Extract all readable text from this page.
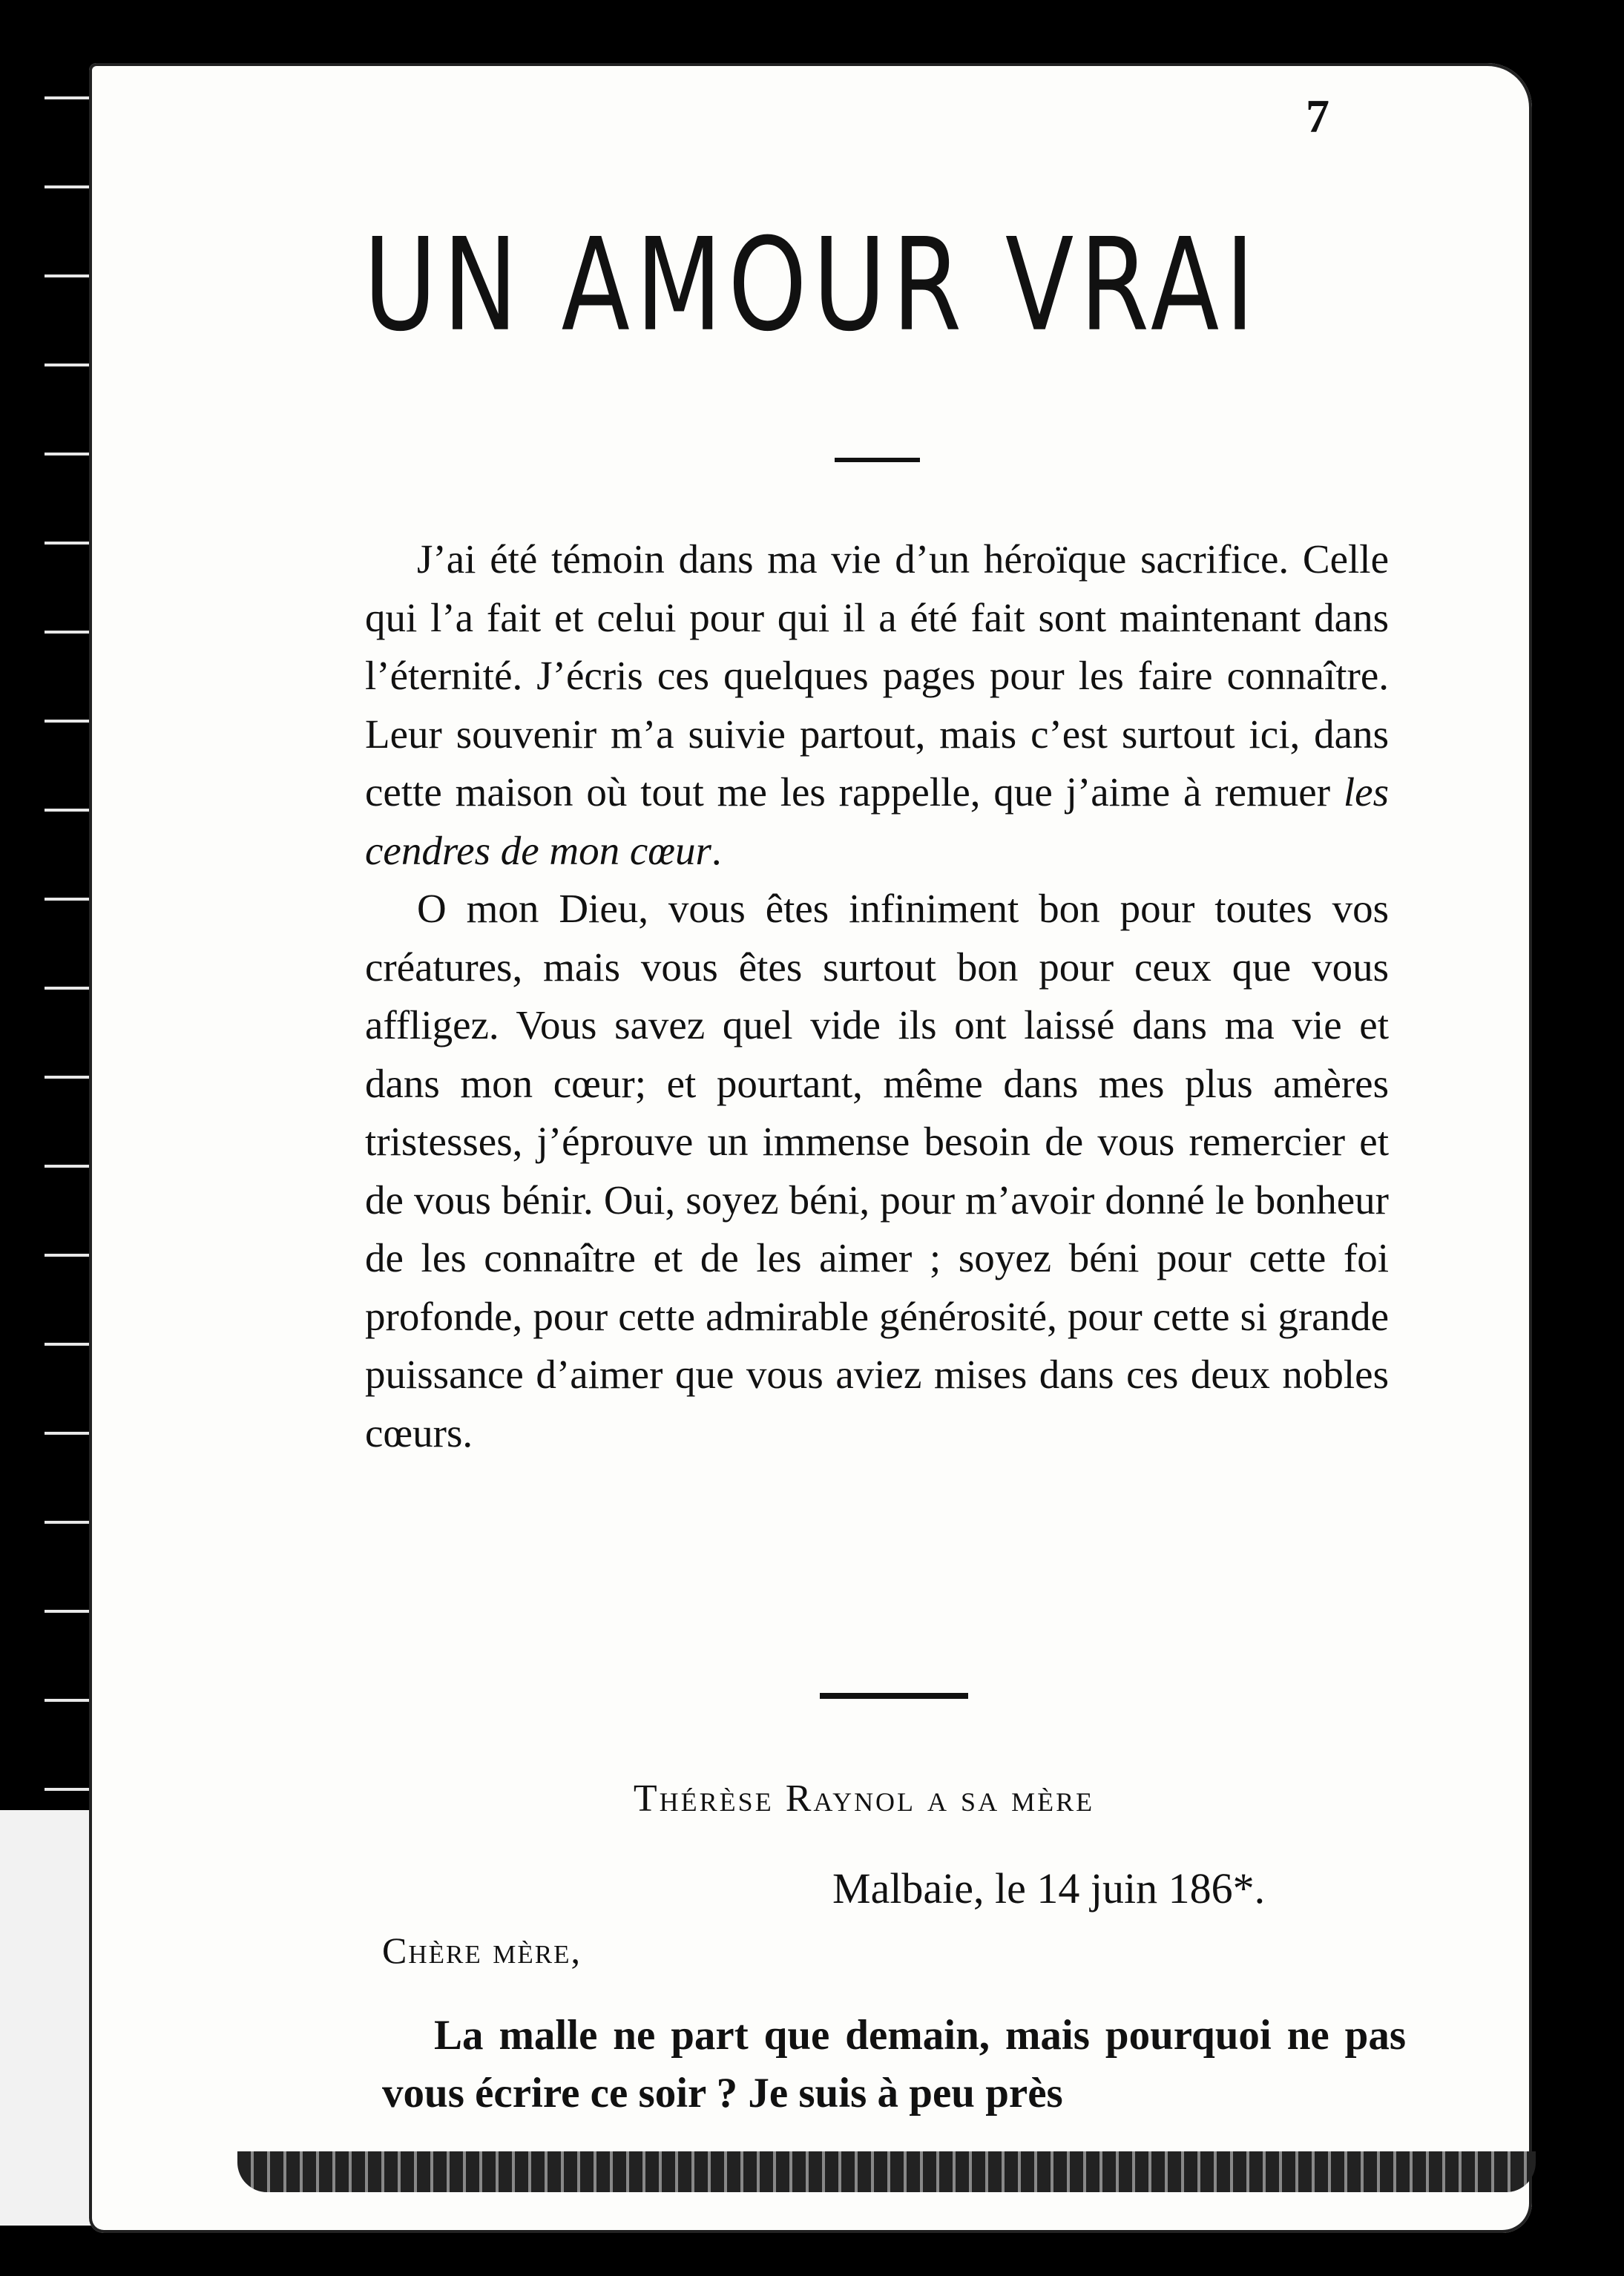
7
UN AMOUR VRAI

J’ai été témoin dans ma vie d’un héroïque sacrifice. Celle qui l’a fait et celui pour qui il a été fait sont maintenant dans l’éternité. J’écris ces quelques pages pour les faire connaître. Leur souvenir m’a suivie partout, mais c’est surtout ici, dans cette maison où tout me les rappelle, que j’aime à remuer les cendres de mon cœur.

O mon Dieu, vous êtes infiniment bon pour toutes vos créatures, mais vous êtes surtout bon pour ceux que vous affligez. Vous savez quel vide ils ont laissé dans ma vie et dans mon cœur; et pourtant, même dans mes plus amères tristesses, j’éprouve un immense besoin de vous remercier et de vous bénir. Oui, soyez béni, pour m’avoir donné le bonheur de les connaître et de les aimer ; soyez béni pour cette foi profonde, pour cette admirable générosité, pour cette si grande puissance d’aimer que vous aviez mises dans ces deux nobles cœurs.

Thérèse Raynol a sa mère
Malbaie, le 14 juin 186*.
Chère mère,

La malle ne part que demain, mais pourquoi ne pas vous écrire ce soir ? Je suis à peu près
